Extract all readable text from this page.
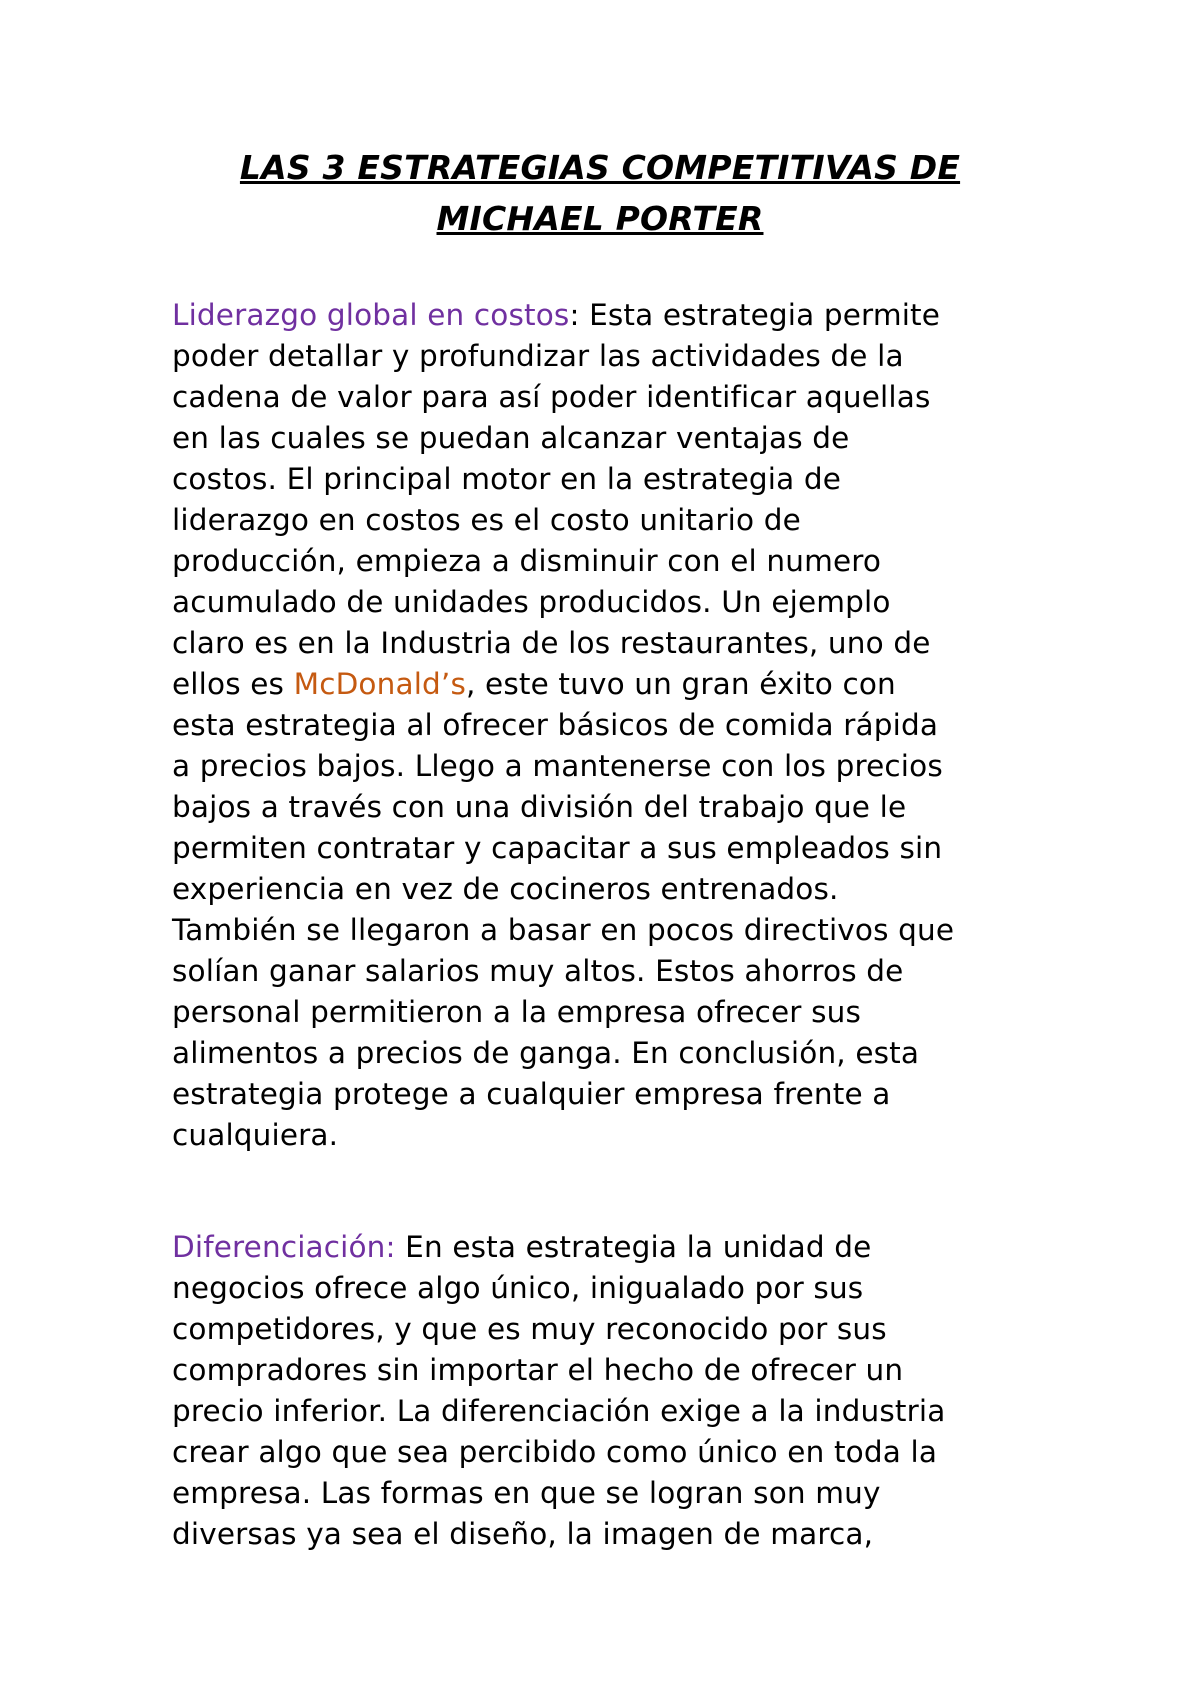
LAS 3 ESTRATEGIAS COMPETITIVAS DE
MICHAEL PORTER

Liderazgo global en costos: Esta estrategia permite
poder detallar y profundizar las actividades de la
cadena de valor para así poder identificar aquellas
en las cuales se puedan alcanzar ventajas de
costos. El principal motor en la estrategia de
liderazgo en costos es el costo unitario de
producción, empieza a disminuir con el numero
acumulado de unidades producidos. Un ejemplo
claro es en la Industria de los restaurantes, uno de
ellos es McDonald’s, este tuvo un gran éxito con
esta estrategia al ofrecer básicos de comida rápida
a precios bajos. Llego a mantenerse con los precios
bajos a través con una división del trabajo que le
permiten contratar y capacitar a sus empleados sin
experiencia en vez de cocineros entrenados.
También se llegaron a basar en pocos directivos que
solían ganar salarios muy altos. Estos ahorros de
personal permitieron a la empresa ofrecer sus
alimentos a precios de ganga. En conclusión, esta
estrategia protege a cualquier empresa frente a
cualquiera.

Diferenciación: En esta estrategia la unidad de
negocios ofrece algo único, inigualado por sus
competidores, y que es muy reconocido por sus
compradores sin importar el hecho de ofrecer un
precio inferior. La diferenciación exige a la industria
crear algo que sea percibido como único en toda la
empresa. Las formas en que se logran son muy
diversas ya sea el diseño, la imagen de marca,
